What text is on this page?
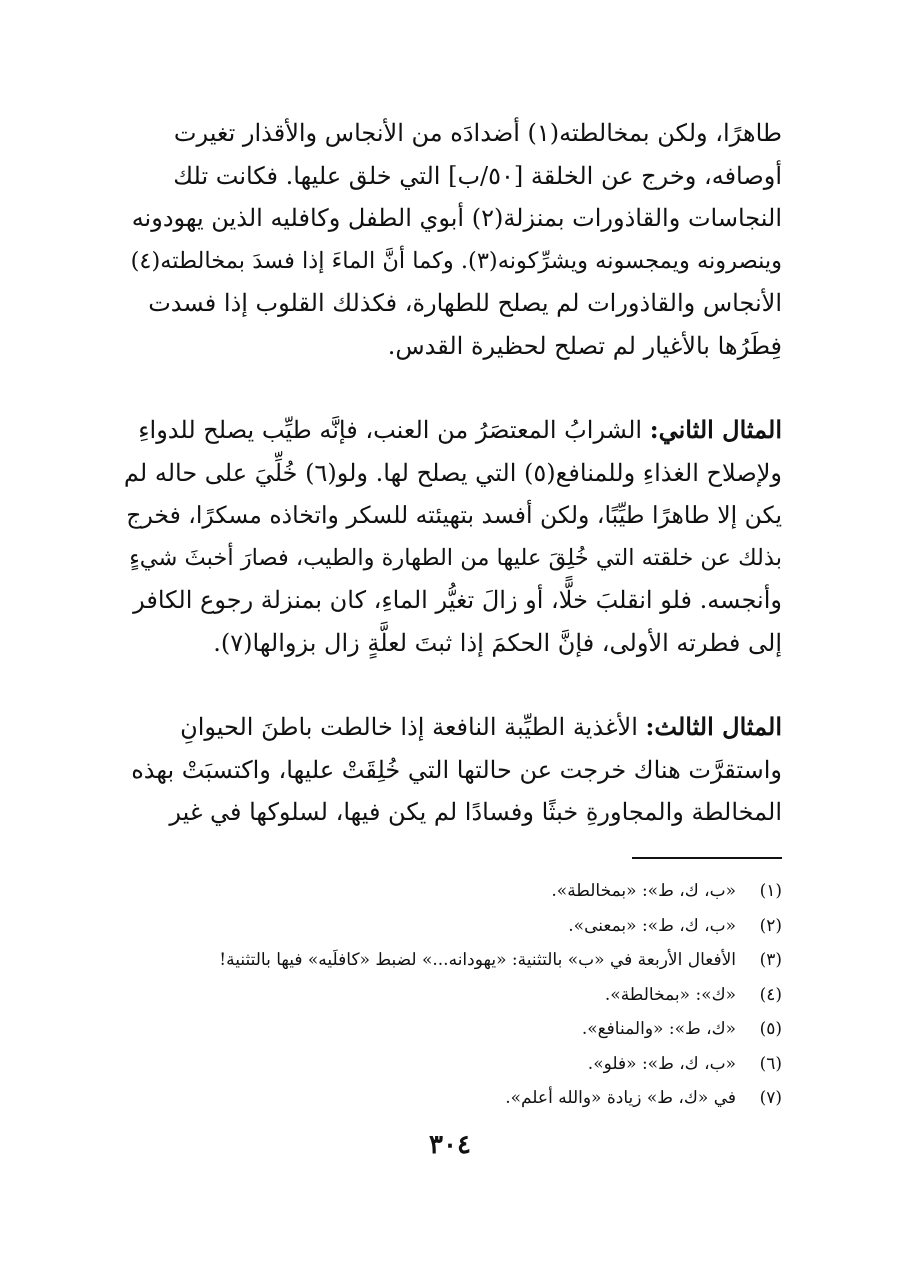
طاهرًا، ولكن بمخالطته(١) أضدادَه من الأنجاس والأقذار تغيرت
أوصافه، وخرج عن الخلقة [٥٠/ب] التي خلق عليها. فكانت تلك
النجاسات والقاذورات بمنزلة(٢) أبوي الطفل وكافليه الذين يهودونه
وينصرونه ويمجسونه ويشرِّكونه(٣). وكما أنَّ الماءَ إذا فسدَ بمخالطته(٤)
الأنجاس والقاذورات لم يصلح للطهارة، فكذلك القلوب إذا فسدت
فِطَرُها بالأغيار لم تصلح لحظيرة القدس.
المثال الثاني: الشرابُ المعتصَرُ من العنب، فإنَّه طيِّب يصلح للدواءِ
ولإصلاح الغذاءِ وللمنافع(٥) التي يصلح لها. ولو(٦) خُلِّيَ على حاله لم
يكن إلا طاهرًا طيِّبًا، ولكن أفسد بتهيئته للسكر واتخاذه مسكرًا، فخرج
بذلك عن خلقته التي خُلِقَ عليها من الطهارة والطيب، فصارَ أخبثَ شيءٍ
وأنجسه. فلو انقلبَ خلًّا، أو زالَ تغيُّر الماءِ، كان بمنزلة رجوع الكافر
إلى فطرته الأولى، فإنَّ الحكمَ إذا ثبتَ لعلَّةٍ زال بزوالها(٧).
المثال الثالث: الأغذية الطيِّبة النافعة إذا خالطت باطنَ الحيوانِ
واستقرَّت هناك خرجت عن حالتها التي خُلِقَتْ عليها، واكتسبَتْ بهذه
المخالطة والمجاورةِ خبثًا وفسادًا لم يكن فيها، لسلوكها في غير
(١)«ب، ك، ط»: «بمخالطة».
(٢)«ب، ك، ط»: «بمعنى».
(٣)الأفعال الأربعة في «ب» بالتثنية: «يهودانه...» لضبط «كافلَيه» فيها بالتثنية!
(٤)«ك»: «بمخالطة».
(٥)«ك، ط»: «والمنافع».
(٦)«ب، ك، ط»: «فلو».
(٧)في «ك، ط» زيادة «والله أعلم».
٣٠٤
